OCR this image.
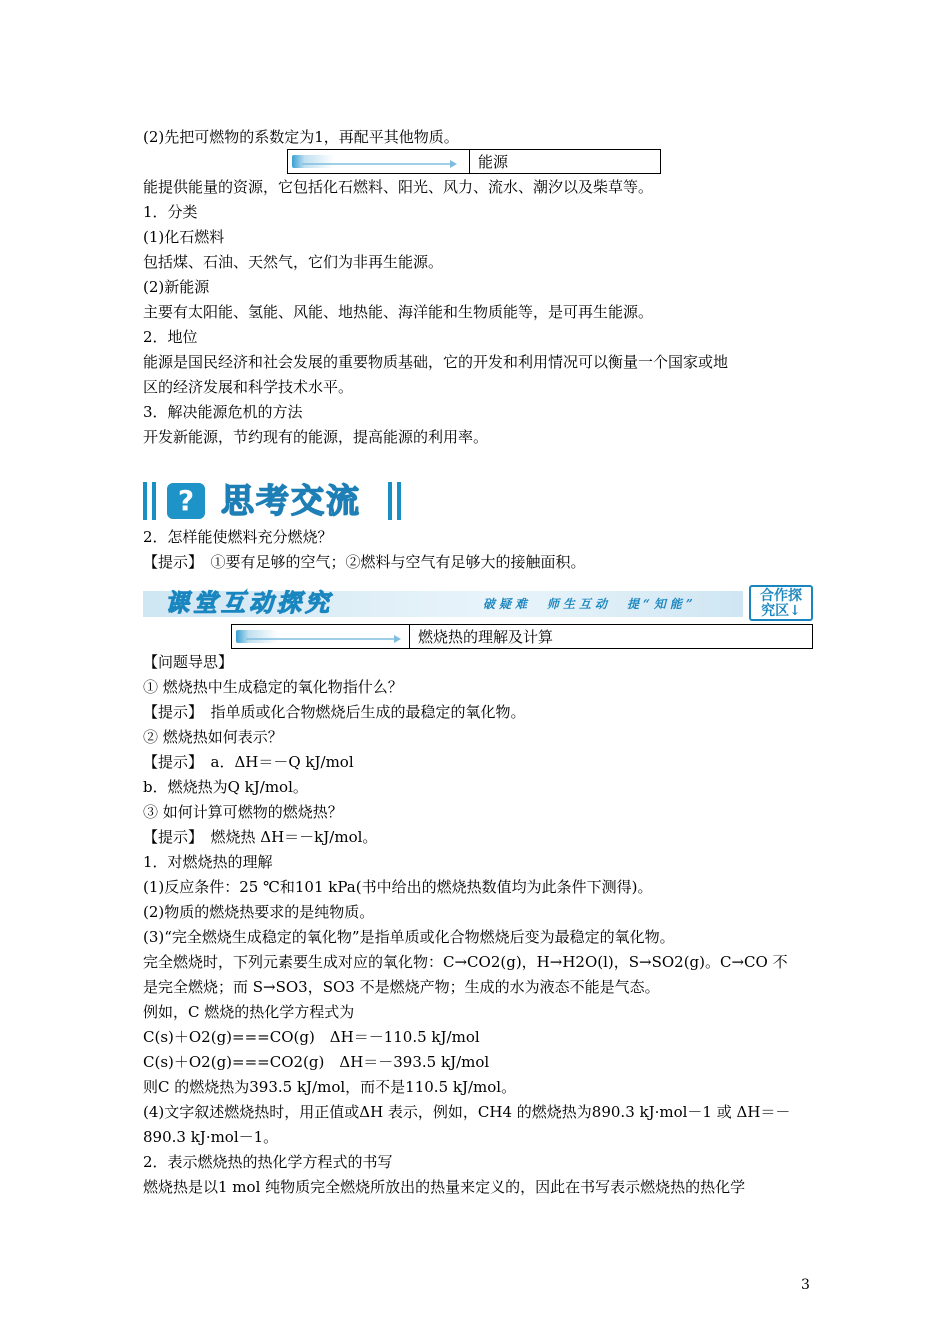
(2)先把可燃物的系数定为1，再配平其他物质。

能源

能提供能量的资源，它包括化石燃料、阳光、风力、流水、潮汐以及柴草等。

1．分类

(1)化石燃料

包括煤、石油、天然气，它们为非再生能源。

(2)新能源

主要有太阳能、氢能、风能、地热能、海洋能和生物质能等，是可再生能源。

2．地位

能源是国民经济和社会发展的重要物质基础，它的开发和利用情况可以衡量一个国家或地

区的经济发展和科学技术水平。

3．解决能源危机的方法

开发新能源，节约现有的能源，提高能源的利用率。

? 思考交流

2．怎样能使燃料充分燃烧？

【提示】　①要有足够的空气；②燃料与空气有足够大的接触面积。

课堂互动探究	破疑难　师生互动　提“知能”	合作探
究区↓
燃烧热的理解及计算

【问题导思】

① 燃烧热中生成稳定的氧化物指什么？

【提示】　指单质或化合物燃烧后生成的最稳定的氧化物。

② 燃烧热如何表示？

【提示】　a．ΔH＝－Q kJ/mol

b．燃烧热为Q kJ/mol。

③ 如何计算可燃物的燃烧热？

【提示】　燃烧热 ΔH＝－kJ/mol。

1．对燃烧热的理解

(1)反应条件：25 ℃和101 kPa(书中给出的燃烧热数值均为此条件下测得)。

(2)物质的燃烧热要求的是纯物质。

(3)“完全燃烧生成稳定的氧化物”是指单质或化合物燃烧后变为最稳定的氧化物。

完全燃烧时，下列元素要生成对应的氧化物：C→CO2(g)，H→H2O(l)，S→SO2(g)。C→CO 不

是完全燃烧；而 S→SO3，SO3 不是燃烧产物；生成的水为液态不能是气态。

例如，C 燃烧的热化学方程式为

C(s)＋O2(g)===CO(g)　ΔH＝－110.5 kJ/mol

C(s)＋O2(g)===CO2(g)　ΔH＝－393.5 kJ/mol

则C 的燃烧热为393.5 kJ/mol，而不是110.5 kJ/mol。

(4)文字叙述燃烧热时，用正值或ΔH 表示，例如，CH4 的燃烧热为890.3 kJ·mol－1 或 ΔH＝－

890.3 kJ·mol－1。

2．表示燃烧热的热化学方程式的书写

燃烧热是以1 mol 纯物质完全燃烧所放出的热量来定义的，因此在书写表示燃烧热的热化学

3
